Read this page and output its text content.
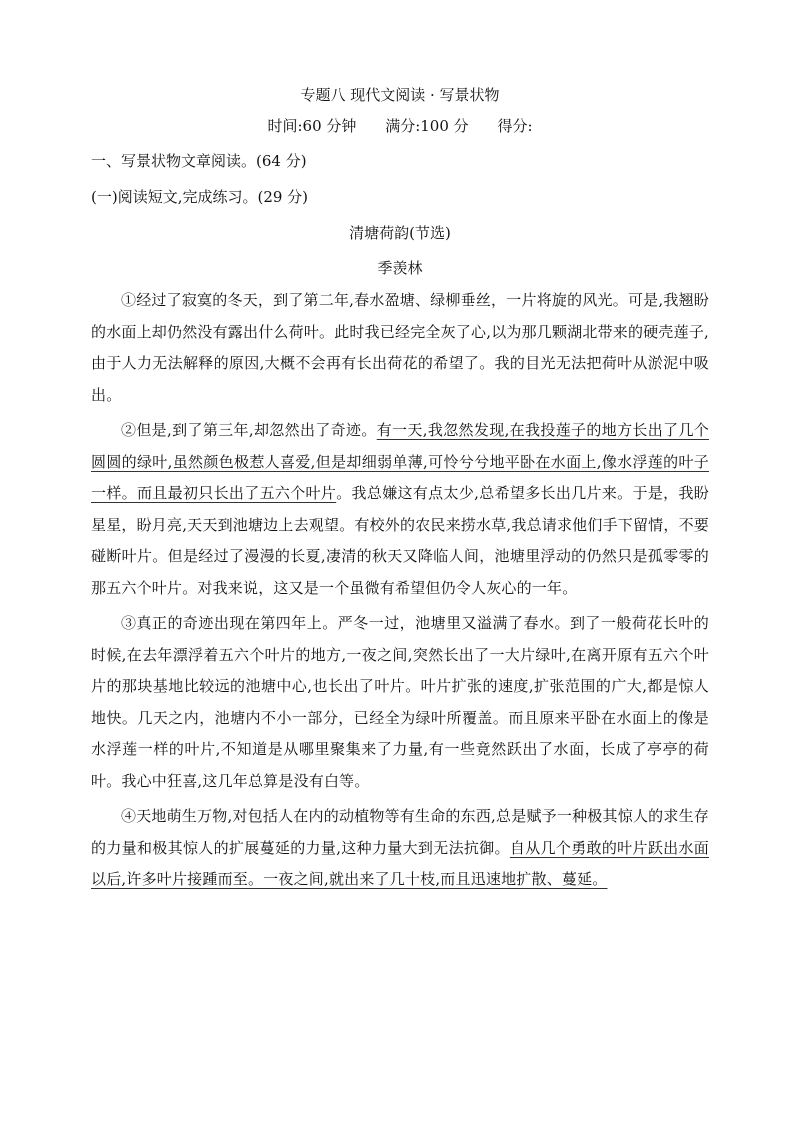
专题八 现代文阅读 · 写景状物
时间:60 分钟 满分:100 分 得分:
一、写景状物文章阅读。(64 分)
(一)阅读短文,完成练习。(29 分)
清塘荷韵(节选)
季羡林

①经过了寂寞的冬天，到了第二年,春水盈塘、绿柳垂丝，一片将旋的风光。可是,我翘盼的水面上却仍然没有露出什么荷叶。此时我已经完全灰了心,以为那几颗湖北带来的硬壳莲子,由于人力无法解释的原因,大概不会再有长出荷花的希望了。我的目光无法把荷叶从淤泥中吸出。

②但是,到了第三年,却忽然出了奇迹。有一天,我忽然发现,在我投莲子的地方长出了几个圆圆的绿叶,虽然颜色极惹人喜爱,但是却细弱单薄,可怜兮兮地平卧在水面上,像水浮莲的叶子一样。而且最初只长出了五六个叶片。我总嫌这有点太少,总希望多长出几片来。于是，我盼星星，盼月亮,天天到池塘边上去观望。有校外的农民来捞水草,我总请求他们手下留情，不要碰断叶片。但是经过了漫漫的长夏,凄清的秋天又降临人间，池塘里浮动的仍然只是孤零零的那五六个叶片。对我来说，这又是一个虽微有希望但仍令人灰心的一年。

③真正的奇迹出现在第四年上。严冬一过，池塘里又溢满了春水。到了一般荷花长叶的时候,在去年漂浮着五六个叶片的地方,一夜之间,突然长出了一大片绿叶,在离开原有五六个叶片的那块基地比较远的池塘中心,也长出了叶片。叶片扩张的速度,扩张范围的广大,都是惊人地快。几天之内，池塘内不小一部分，已经全为绿叶所覆盖。而且原来平卧在水面上的像是水浮莲一样的叶片,不知道是从哪里聚集来了力量,有一些竟然跃出了水面，长成了亭亭的荷叶。我心中狂喜,这几年总算是没有白等。

④天地萌生万物,对包括人在内的动植物等有生命的东西,总是赋予一种极其惊人的求生存的力量和极其惊人的扩展蔓延的力量,这种力量大到无法抗御。自从几个勇敢的叶片跃出水面以后,许多叶片接踵而至。一夜之间,就出来了几十枝,而且迅速地扩散、蔓延。
